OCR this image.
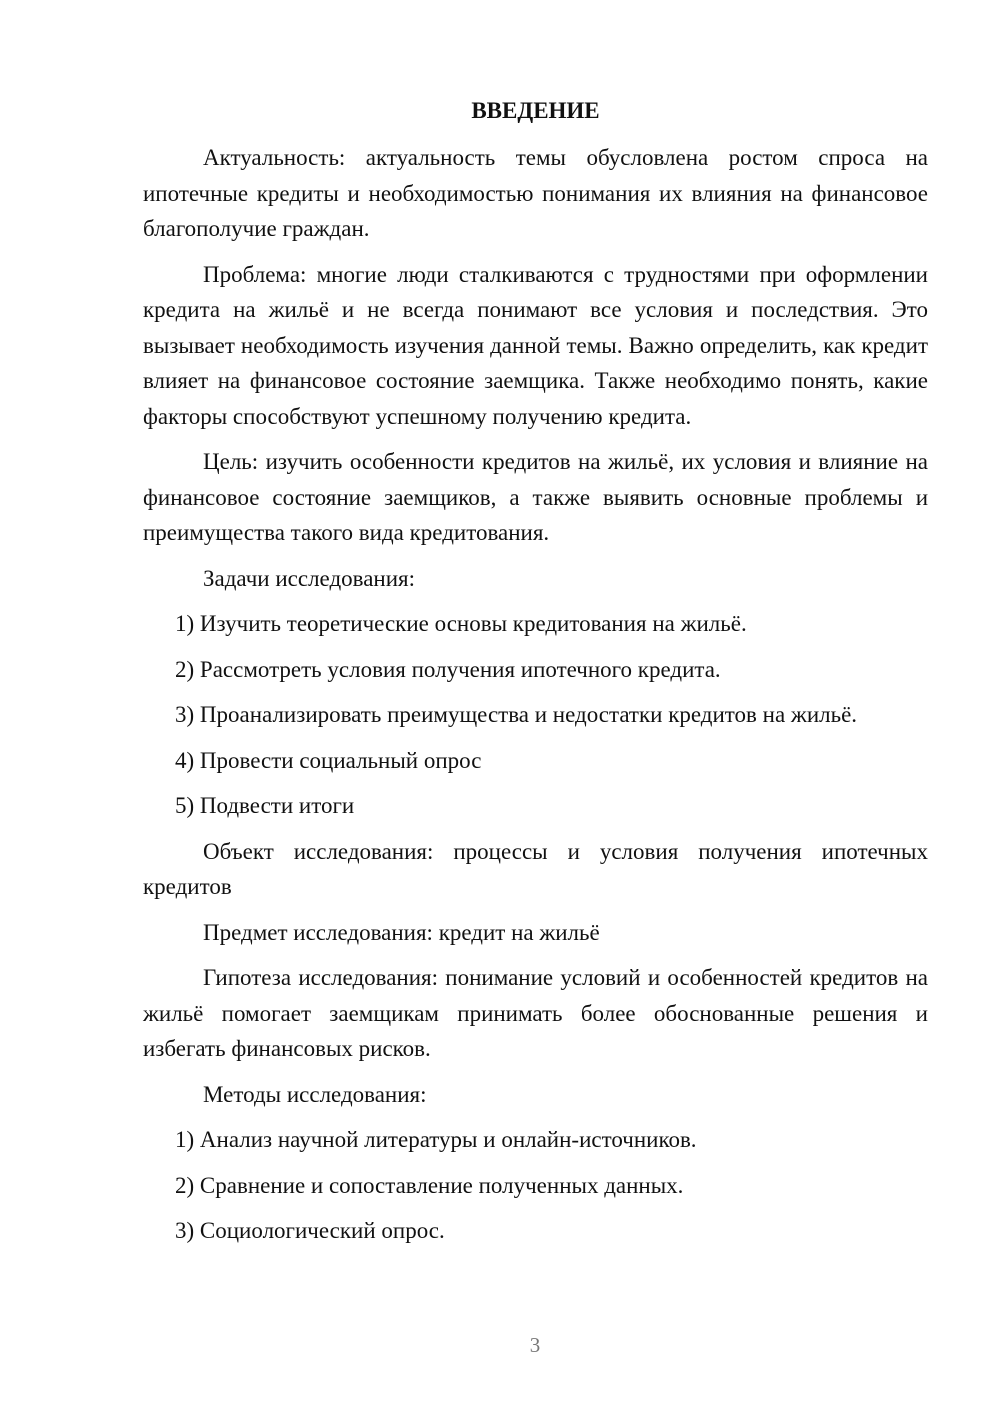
ВВЕДЕНИЕ
Актуальность: актуальность темы обусловлена ростом спроса на ипотечные кредиты и необходимостью понимания их влияния на финансовое благополучие граждан.
Проблема: многие люди сталкиваются с трудностями при оформлении кредита на жильё и не всегда понимают все условия и последствия. Это вызывает необходимость изучения данной темы. Важно определить, как кредит влияет на финансовое состояние заемщика. Также необходимо понять, какие факторы способствуют успешному получению кредита.
Цель: изучить особенности кредитов на жильё, их условия и влияние на финансовое состояние заемщиков, а также выявить основные проблемы и преимущества такого вида кредитования.
Задачи исследования:
1) Изучить теоретические основы кредитования на жильё.
2) Рассмотреть условия получения ипотечного кредита.
3) Проанализировать преимущества и недостатки кредитов на жильё.
4) Провести социальный опрос
5) Подвести итоги
Объект исследования: процессы и условия получения ипотечных кредитов
Предмет исследования: кредит на жильё
Гипотеза исследования: понимание условий и особенностей кредитов на жильё помогает заемщикам принимать более обоснованные решения и избегать финансовых рисков.
Методы исследования:
1) Анализ научной литературы и онлайн-источников.
2) Сравнение и сопоставление полученных данных.
3) Социологический опрос.
3
